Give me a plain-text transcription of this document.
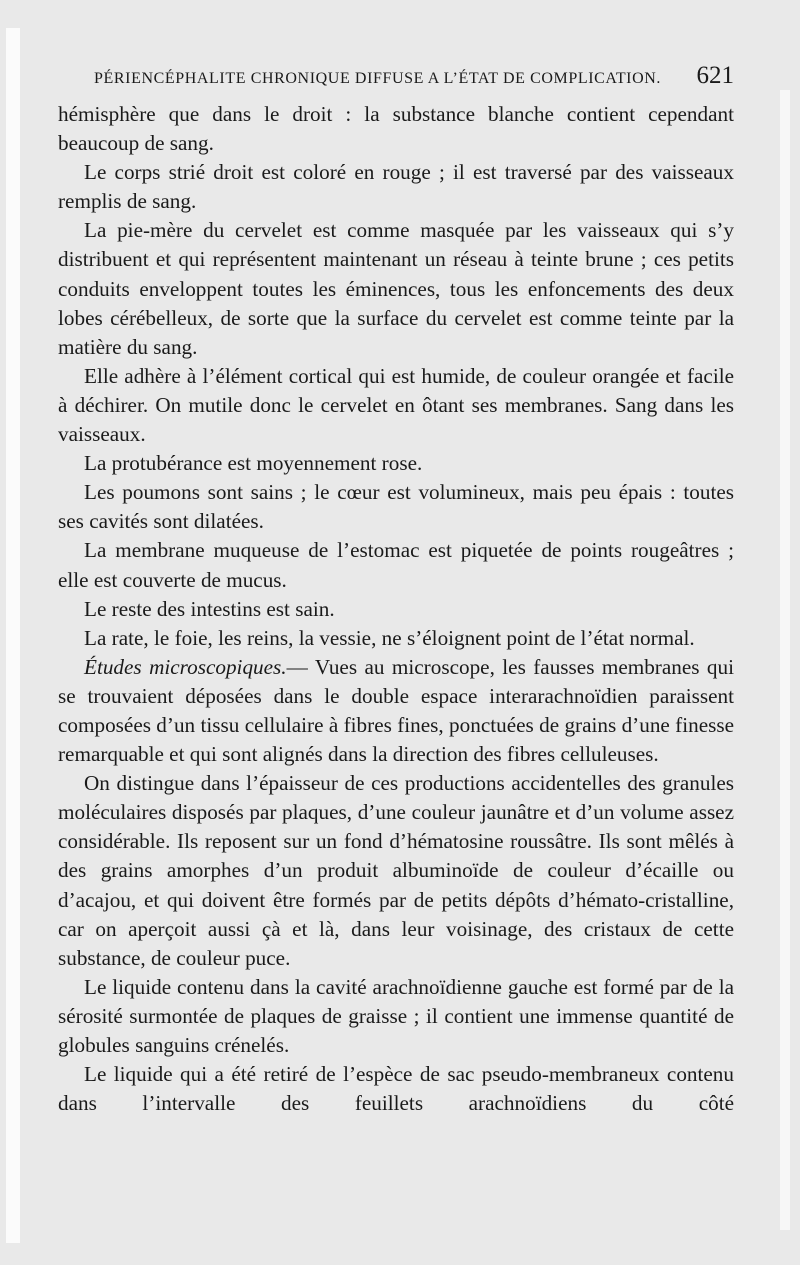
PÉRIENCÉPHALITE CHRONIQUE DIFFUSE A L’ÉTAT DE COMPLICATION. 621

hémisphère que dans le droit : la substance blanche contient cependant beaucoup de sang.

Le corps strié droit est coloré en rouge ; il est traversé par des vaisseaux remplis de sang.

La pie-mère du cervelet est comme masquée par les vaisseaux qui s’y distribuent et qui représentent maintenant un réseau à teinte brune ; ces petits conduits enveloppent toutes les éminences, tous les enfoncements des deux lobes cérébelleux, de sorte que la surface du cervelet est comme teinte par la matière du sang.

Elle adhère à l’élément cortical qui est humide, de couleur orangée et facile à déchirer. On mutile donc le cervelet en ôtant ses membranes. Sang dans les vaisseaux.

La protubérance est moyennement rose.

Les poumons sont sains ; le cœur est volumineux, mais peu épais : toutes ses cavités sont dilatées.

La membrane muqueuse de l’estomac est piquetée de points rougeâtres ; elle est couverte de mucus.

Le reste des intestins est sain.

La rate, le foie, les reins, la vessie, ne s’éloignent point de l’état normal.

Études microscopiques.— Vues au microscope, les fausses membranes qui se trouvaient déposées dans le double espace interarachnoïdien paraissent composées d’un tissu cellulaire à fibres fines, ponctuées de grains d’une finesse remarquable et qui sont alignés dans la direction des fibres celluleuses.

On distingue dans l’épaisseur de ces productions accidentelles des granules moléculaires disposés par plaques, d’une couleur jaunâtre et d’un volume assez considérable. Ils reposent sur un fond d’hématosine roussâtre. Ils sont mêlés à des grains amorphes d’un produit albuminoïde de couleur d’écaille ou d’acajou, et qui doivent être formés par de petits dépôts d’hémato-cristalline, car on aperçoit aussi çà et là, dans leur voisinage, des cristaux de cette substance, de couleur puce.

Le liquide contenu dans la cavité arachnoïdienne gauche est formé par de la sérosité surmontée de plaques de graisse ; il contient une immense quantité de globules sanguins crénelés.

Le liquide qui a été retiré de l’espèce de sac pseudo-membraneux contenu dans l’intervalle des feuillets arachnoïdiens du côté
